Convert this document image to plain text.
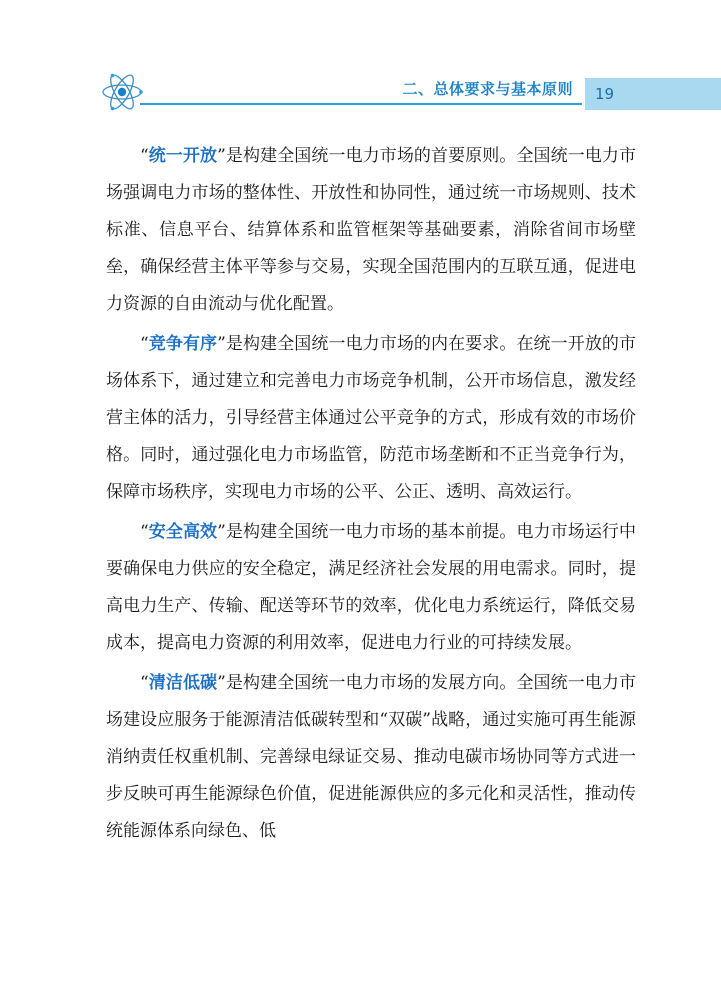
二、总体要求与基本原则 19

“统一开放”是构建全国统一电力市场的首要原则。全国统一电力市场强调电力市场的整体性、开放性和协同性，通过统一市场规则、技术标准、信息平台、结算体系和监管框架等基础要素，消除省间市场壁垒，确保经营主体平等参与交易，实现全国范围内的互联互通，促进电力资源的自由流动与优化配置。

“竞争有序”是构建全国统一电力市场的内在要求。在统一开放的市场体系下，通过建立和完善电力市场竞争机制，公开市场信息，激发经营主体的活力，引导经营主体通过公平竞争的方式，形成有效的市场价格。同时，通过强化电力市场监管，防范市场垄断和不正当竞争行为，保障市场秩序，实现电力市场的公平、公正、透明、高效运行。

“安全高效”是构建全国统一电力市场的基本前提。电力市场运行中要确保电力供应的安全稳定，满足经济社会发展的用电需求。同时，提高电力生产、传输、配送等环节的效率，优化电力系统运行，降低交易成本，提高电力资源的利用效率，促进电力行业的可持续发展。

“清洁低碳”是构建全国统一电力市场的发展方向。全国统一电力市场建设应服务于能源清洁低碳转型和“双碳”战略，通过实施可再生能源消纳责任权重机制、完善绿电绿证交易、推动电碳市场协同等方式进一步反映可再生能源绿色价值，促进能源供应的多元化和灵活性，推动传统能源体系向绿色、低
